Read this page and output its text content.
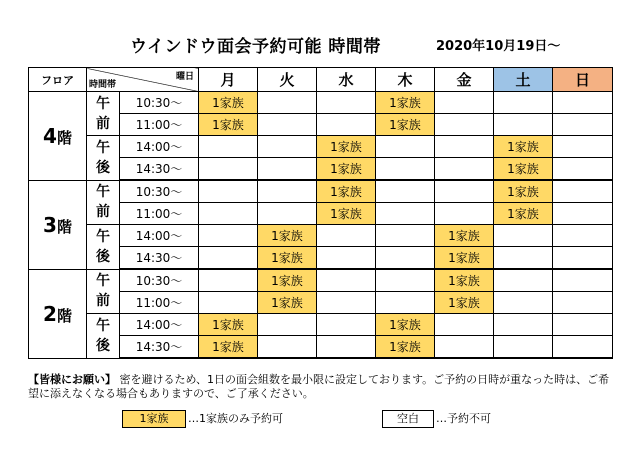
ウインドウ面会予約可能 時間帯	2020年10月19日～
フロア	曜日
時間帯		月	火	水	木	金	土	日
4階	午
前	10:30～	1家族			1家族			
		11:00～	1家族			1家族			

	午
後	14:00～			1家族			1家族	
		14:30～			1家族			1家族	
3階	午
前	10:30～			1家族			1家族	
		11:00～			1家族			1家族	

	午
後	14:00～		1家族			1家族		
		14:30～		1家族			1家族		
2階	午
前	10:30～		1家族			1家族		
		11:00～		1家族			1家族		

	午
後	14:00～	1家族			1家族			
		14:30～	1家族			1家族			
【皆様にお願い】 密を避けるため、1日の面会組数を最小限に設定しております。ご予約の日時が重なった時は、ご希望に添えなくなる場合もありますので、ご了承ください。
1家族	…1家族のみ予約可	空白	…予約不可
